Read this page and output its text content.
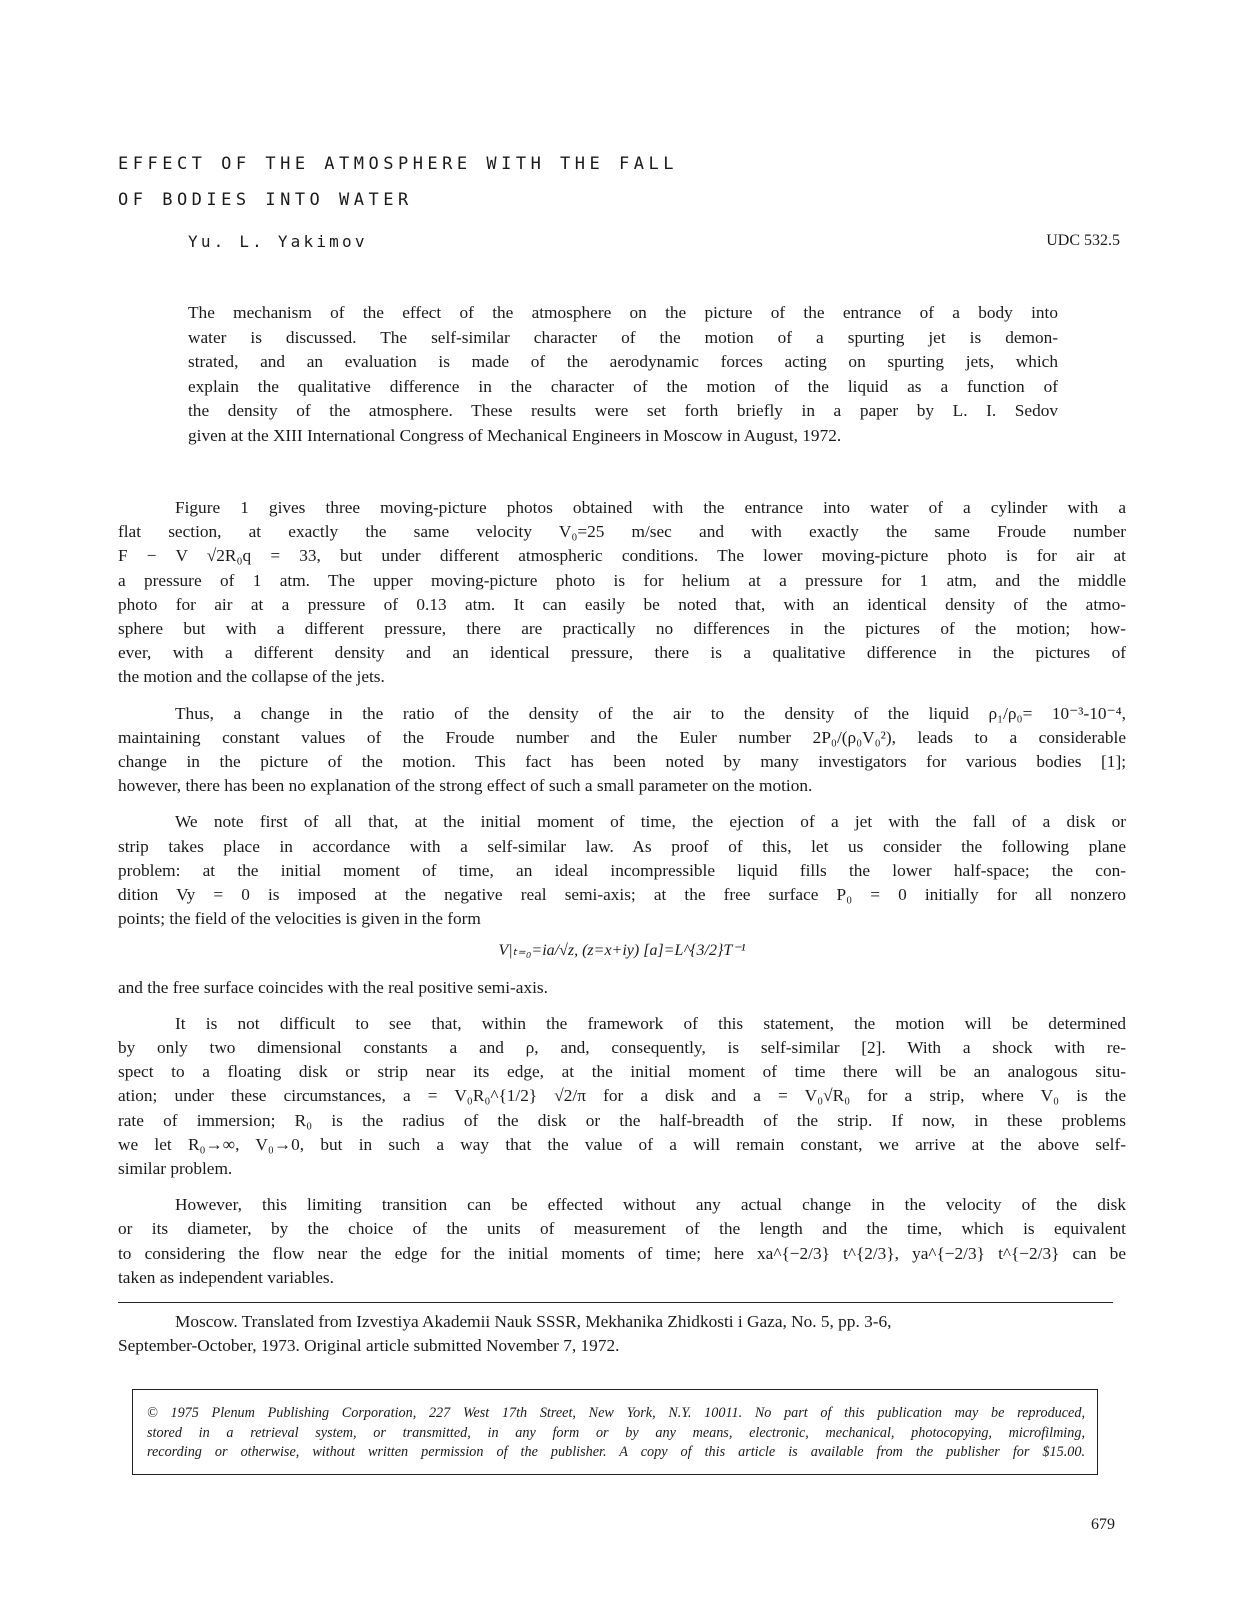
EFFECT OF THE ATMOSPHERE WITH THE FALL
OF BODIES INTO WATER
Yu. L. Yakimov	UDC 532.5
The mechanism of the effect of the atmosphere on the picture of the entrance of a body into
water is discussed. The self-similar character of the motion of a spurting jet is demon-
strated, and an evaluation is made of the aerodynamic forces acting on spurting jets, which
explain the qualitative difference in the character of the motion of the liquid as a function of
the density of the atmosphere. These results were set forth briefly in a paper by L. I. Sedov
given at the XIII International Congress of Mechanical Engineers in Moscow in August, 1972.
Figure 1 gives three moving-picture photos obtained with the entrance into water of a cylinder with a
flat section, at exactly the same velocity V₀=25 m/sec and with exactly the same Froude number
F − V √2R₀q = 33, but under different atmospheric conditions. The lower moving-picture photo is for air at
a pressure of 1 atm. The upper moving-picture photo is for helium at a pressure for 1 atm, and the middle
photo for air at a pressure of 0.13 atm. It can easily be noted that, with an identical density of the atmo-
sphere but with a different pressure, there are practically no differences in the pictures of the motion; how-
ever, with a different density and an identical pressure, there is a qualitative difference in the pictures of
the motion and the collapse of the jets.
Thus, a change in the ratio of the density of the air to the density of the liquid ρ₁/ρ₀= 10⁻³-10⁻⁴,
maintaining constant values of the Froude number and the Euler number 2P₀/(ρ₀V₀²), leads to a considerable
change in the picture of the motion. This fact has been noted by many investigators for various bodies [1];
however, there has been no explanation of the strong effect of such a small parameter on the motion.
We note first of all that, at the initial moment of time, the ejection of a jet with the fall of a disk or
strip takes place in accordance with a self-similar law. As proof of this, let us consider the following plane
problem: at the initial moment of time, an ideal incompressible liquid fills the lower half-space; the con-
dition Vy = 0 is imposed at the negative real semi-axis; at the free surface P₀ = 0 initially for all nonzero
points; the field of the velocities is given in the form
V|ₜ₌₀=ia/√z, (z=x+iy) [a]=L^{3/2}T⁻¹
and the free surface coincides with the real positive semi-axis.
It is not difficult to see that, within the framework of this statement, the motion will be determined
by only two dimensional constants a and ρ, and, consequently, is self-similar [2]. With a shock with re-
spect to a floating disk or strip near its edge, at the initial moment of time there will be an analogous situ-
ation; under these circumstances, a = V₀R₀^{1/2} √2/π for a disk and a = V₀√R₀ for a strip, where V₀ is the
rate of immersion; R₀ is the radius of the disk or the half-breadth of the strip. If now, in these problems
we let R₀→∞, V₀→0, but in such a way that the value of a will remain constant, we arrive at the above self-
similar problem.
However, this limiting transition can be effected without any actual change in the velocity of the disk
or its diameter, by the choice of the units of measurement of the length and the time, which is equivalent
to considering the flow near the edge for the initial moments of time; here xa^{−2/3} t^{2/3}, ya^{−2/3} t^{−2/3} can be
taken as independent variables.
Moscow. Translated from Izvestiya Akademii Nauk SSSR, Mekhanika Zhidkosti i Gaza, No. 5, pp. 3-6,
September-October, 1973. Original article submitted November 7, 1972.
© 1975 Plenum Publishing Corporation, 227 West 17th Street, New York, N.Y. 10011. No part of this publication may be reproduced,
stored in a retrieval system, or transmitted, in any form or by any means, electronic, mechanical, photocopying, microfilming,
recording or otherwise, without written permission of the publisher. A copy of this article is available from the publisher for $15.00.
679
